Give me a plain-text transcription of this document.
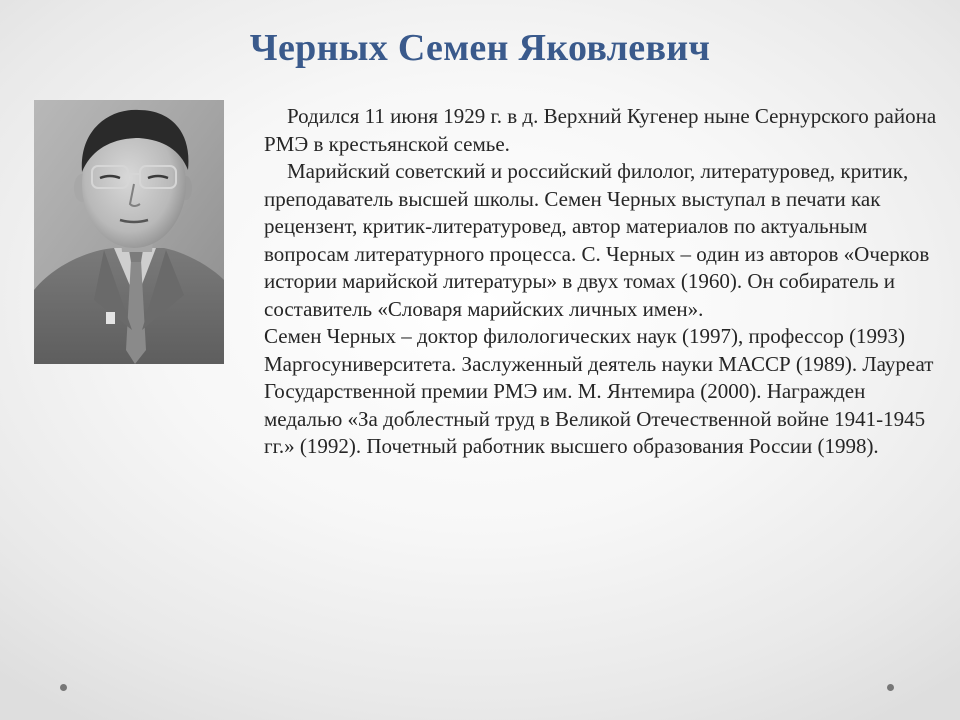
Черных Семен Яковлевич

Родился 11 июня 1929 г. в д. Верхний Кугенер ныне Сернурского района РМЭ в крестьянской семье.

Марийский советский и российский филолог, литературовед, критик, преподаватель высшей школы. Семен Черных выступал в печати как рецензент, критик-литературовед, автор материалов по актуальным вопросам литературного процесса. С. Черных – один из авторов «Очерков истории марийской литературы» в двух томах (1960). Он собиратель и составитель «Словаря марийских личных имен».

Семен Черных – доктор филологических наук (1997), профессор (1993) Маргосуниверситета. Заслуженный деятель науки МАССР (1989). Лауреат Государственной премии РМЭ им. М. Янтемира (2000). Награжден медалью «За доблестный труд в Великой Отечественной войне 1941-1945 гг.» (1992). Почетный работник высшего образования России (1998).
